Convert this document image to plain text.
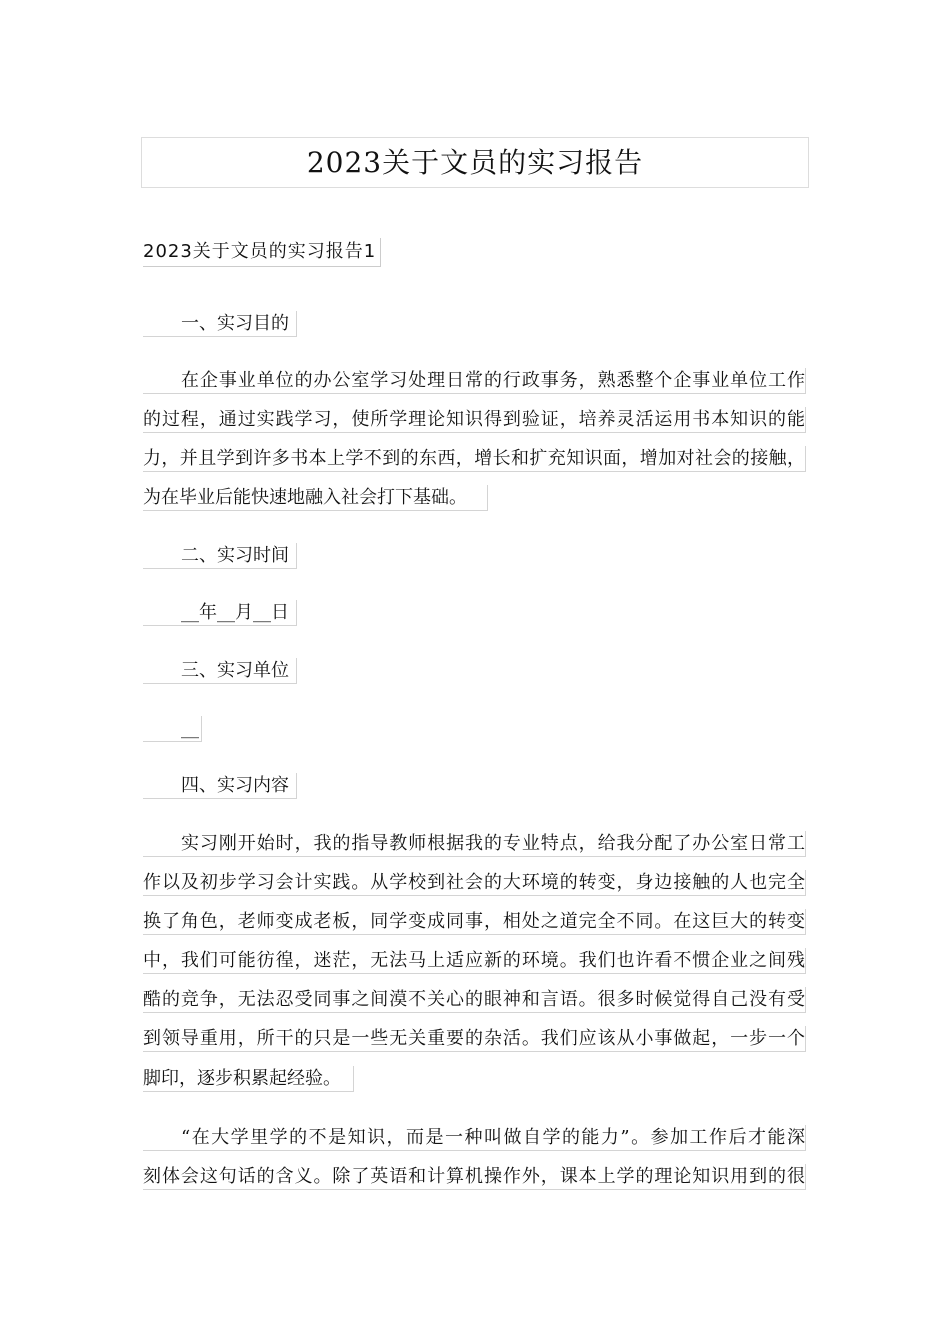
2023关于文员的实习报告
2023关于文员的实习报告1
一、实习目的
在企事业单位的办公室学习处理日常的行政事务，熟悉整个企事业单位工作
的过程，通过实践学习，使所学理论知识得到验证，培养灵活运用书本知识的能
力，并且学到许多书本上学不到的东西，增长和扩充知识面，增加对社会的接触，
为在毕业后能快速地融入社会打下基础。
二、实习时间
__年__月__日
三、实习单位
__
四、实习内容
实习刚开始时，我的指导教师根据我的专业特点，给我分配了办公室日常工
作以及初步学习会计实践。从学校到社会的大环境的转变，身边接触的人也完全
换了角色，老师变成老板，同学变成同事，相处之道完全不同。在这巨大的转变
中，我们可能彷徨，迷茫，无法马上适应新的环境。我们也许看不惯企业之间残
酷的竞争，无法忍受同事之间漠不关心的眼神和言语。很多时候觉得自己没有受
到领导重用，所干的只是一些无关重要的杂活。我们应该从小事做起，一步一个
脚印，逐步积累起经验。
“在大学里学的不是知识，而是一种叫做自学的能力”。参加工作后才能深
刻体会这句话的含义。除了英语和计算机操作外，课本上学的理论知识用到的很
